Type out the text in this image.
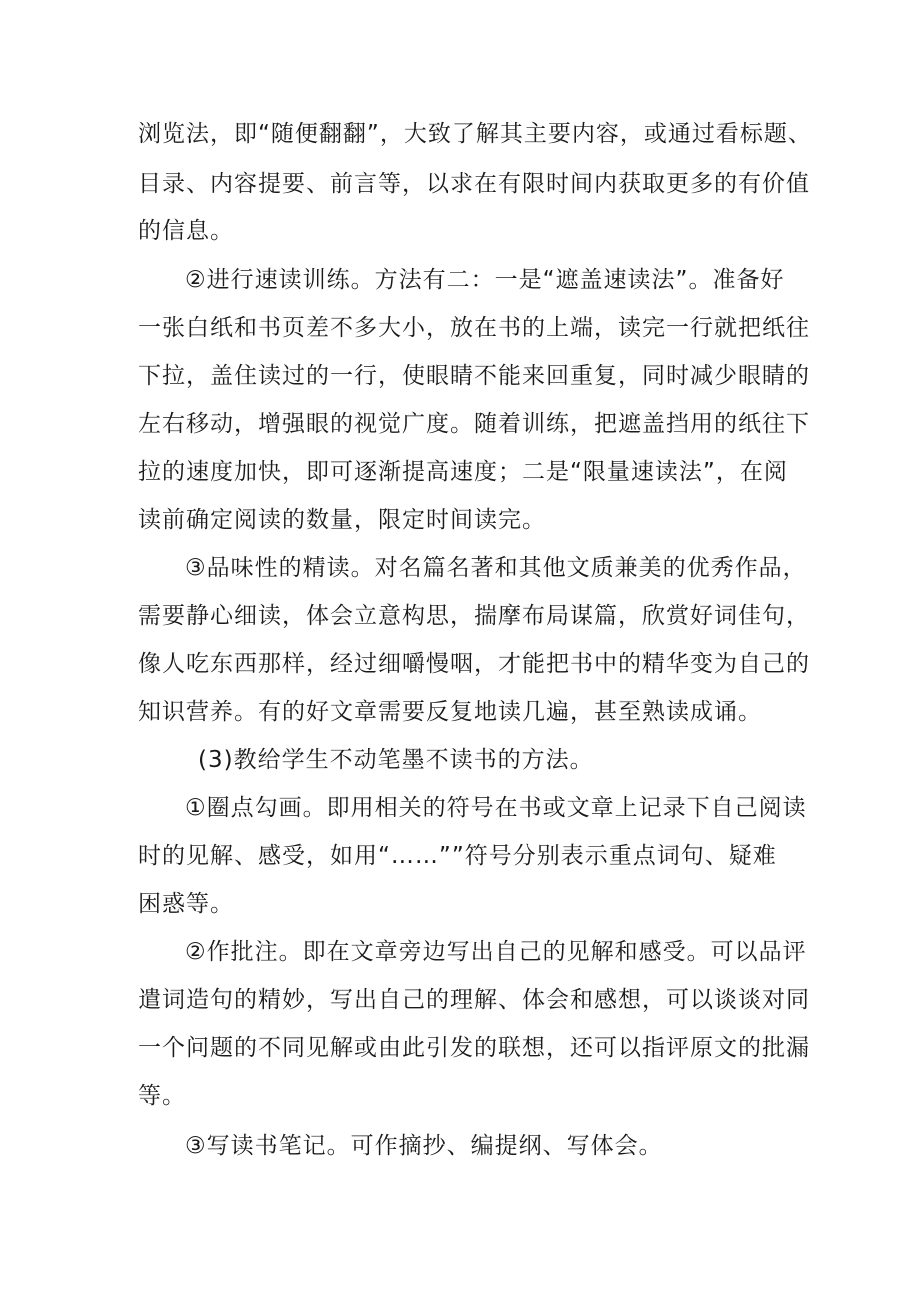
浏览法，即“随便翻翻”，大致了解其主要内容，或通过看标题、
目录、内容提要、前言等，以求在有限时间内获取更多的有价值
的信息。
②进行速读训练。方法有二：一是“遮盖速读法”。准备好
一张白纸和书页差不多大小，放在书的上端，读完一行就把纸往
下拉，盖住读过的一行，使眼睛不能来回重复，同时减少眼睛的
左右移动，增强眼的视觉广度。随着训练，把遮盖挡用的纸往下
拉的速度加快，即可逐渐提高速度；二是“限量速读法”，在阅
读前确定阅读的数量，限定时间读完。
③品味性的精读。对名篇名著和其他文质兼美的优秀作品，
需要静心细读，体会立意构思，揣摩布局谋篇，欣赏好词佳句，
像人吃东西那样，经过细嚼慢咽，才能把书中的精华变为自己的
知识营养。有的好文章需要反复地读几遍，甚至熟读成诵。
(3)教给学生不动笔墨不读书的方法。
①圈点勾画。即用相关的符号在书或文章上记录下自己阅读
时的见解、感受，如用“……””符号分别表示重点词句、疑难
困惑等。
②作批注。即在文章旁边写出自己的见解和感受。可以品评
遣词造句的精妙，写出自己的理解、体会和感想，可以谈谈对同
一个问题的不同见解或由此引发的联想，还可以指评原文的批漏
等。
③写读书笔记。可作摘抄、编提纲、写体会。
